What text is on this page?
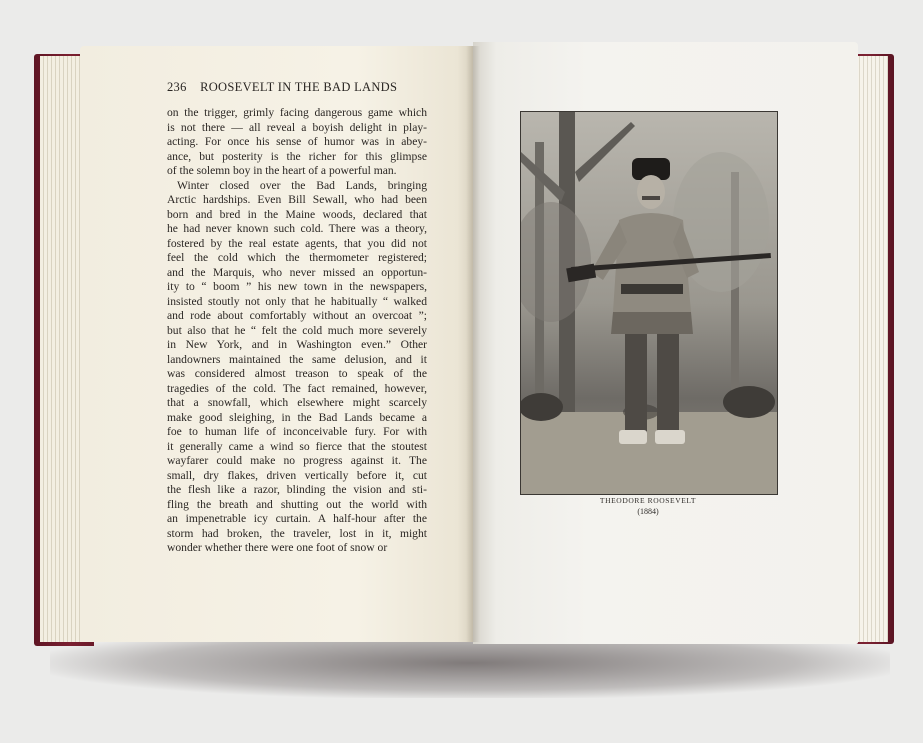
236 ROOSEVELT IN THE BAD LANDS
on the trigger, grimly facing dangerous game which
is not there — all reveal a boyish delight in play-
acting. For once his sense of humor was in abey-
ance, but posterity is the richer for this glimpse
of the solemn boy in the heart of a powerful man.
Winter closed over the Bad Lands, bringing
Arctic hardships. Even Bill Sewall, who had been
born and bred in the Maine woods, declared that
he had never known such cold. There was a theory,
fostered by the real estate agents, that you did not
feel the cold which the thermometer registered;
and the Marquis, who never missed an opportun-
ity to “ boom ” his new town in the newspapers,
insisted stoutly not only that he habitually “ walked
and rode about comfortably without an overcoat ”;
but also that he “ felt the cold much more severely
in New York, and in Washington even.” Other
landowners maintained the same delusion, and it
was considered almost treason to speak of the
tragedies of the cold. The fact remained, however,
that a snowfall, which elsewhere might scarcely
make good sleighing, in the Bad Lands became a
foe to human life of inconceivable fury. For with
it generally came a wind so fierce that the stoutest
wayfarer could make no progress against it. The
small, dry flakes, driven vertically before it, cut
the flesh like a razor, blinding the vision and sti-
fling the breath and shutting out the world with
an impenetrable icy curtain. A half-hour after the
storm had broken, the traveler, lost in it, might
wonder whether there were one foot of snow or
THEODORE ROOSEVELT
(1884)
